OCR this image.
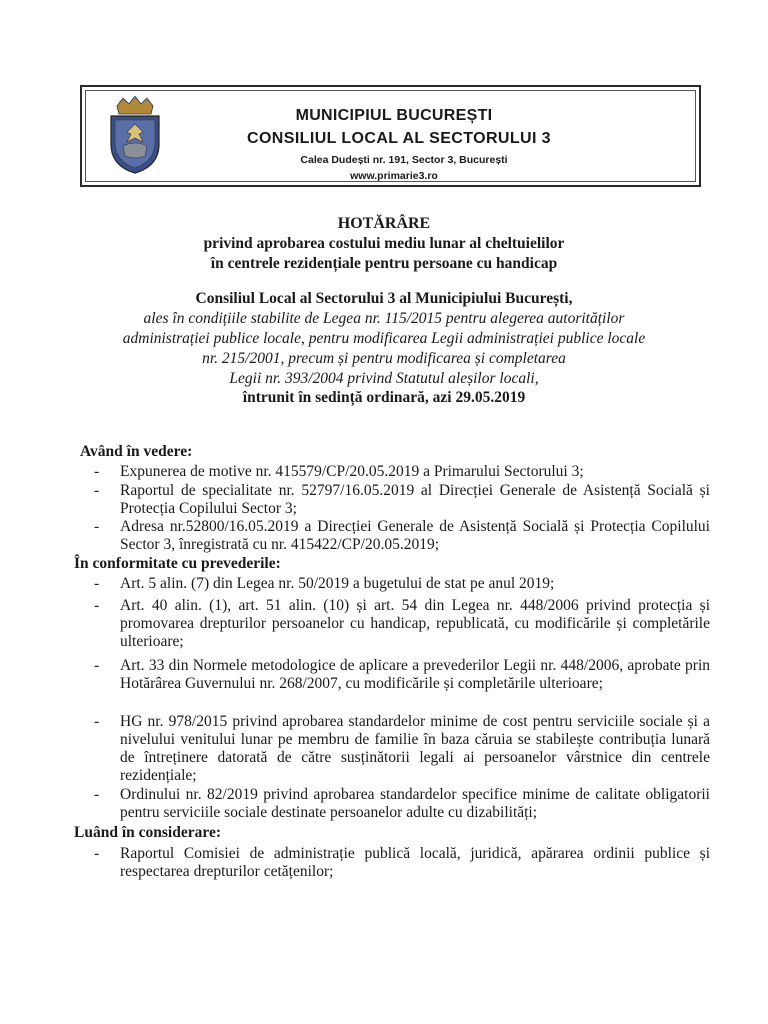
MUNICIPIUL BUCUREȘTI
CONSILIUL LOCAL AL SECTORULUI 3
Calea Dudești nr. 191, Sector 3, București
www.primarie3.ro
HOTĂRÂRE
privind aprobarea costului mediu lunar al cheltuielilor
în centrele rezidențiale pentru persoane cu handicap
Consiliul Local al Sectorului 3 al Municipiului București,
ales în condițiile stabilite de Legea nr. 115/2015 pentru alegerea autorităților
administrației publice locale, pentru modificarea Legii administrației publice locale
nr. 215/2001, precum și pentru modificarea și completarea
Legii nr. 393/2004 privind Statutul aleșilor locali,
întrunit în sedință ordinară, azi 29.05.2019
Având în vedere:
- Expunerea de motive nr. 415579/CP/20.05.2019 a Primarului Sectorului 3;
- Raportul de specialitate nr. 52797/16.05.2019 al Direcției Generale de Asistență Socială și Protecția Copilului Sector 3;
- Adresa nr.52800/16.05.2019 a Direcției Generale de Asistență Socială și Protecția Copilului Sector 3, înregistrată cu nr. 415422/CP/20.05.2019;
În conformitate cu prevederile:
- Art. 5 alin. (7) din Legea nr. 50/2019 a bugetului de stat pe anul 2019;
- Art. 40 alin. (1), art. 51 alin. (10) și art. 54 din Legea nr. 448/2006 privind protecția și promovarea drepturilor persoanelor cu handicap, republicată, cu modificările și completările ulterioare;
- Art. 33 din Normele metodologice de aplicare a prevederilor Legii nr. 448/2006, aprobate prin Hotărârea Guvernului nr. 268/2007, cu modificările și completările ulterioare;
- HG nr. 978/2015 privind aprobarea standardelor minime de cost pentru serviciile sociale și a nivelului venitului lunar pe membru de familie în baza căruia se stabilește contribuția lunară de întreținere datorată de către susținătorii legali ai persoanelor vârstnice din centrele rezidențiale;
- Ordinului nr. 82/2019 privind aprobarea standardelor specifice minime de calitate obligatorii pentru serviciile sociale destinate persoanelor adulte cu dizabilități;
Luând în considerare:
- Raportul Comisiei de administrație publică locală, juridică, apărarea ordinii publice și respectarea drepturilor cetățenilor;
